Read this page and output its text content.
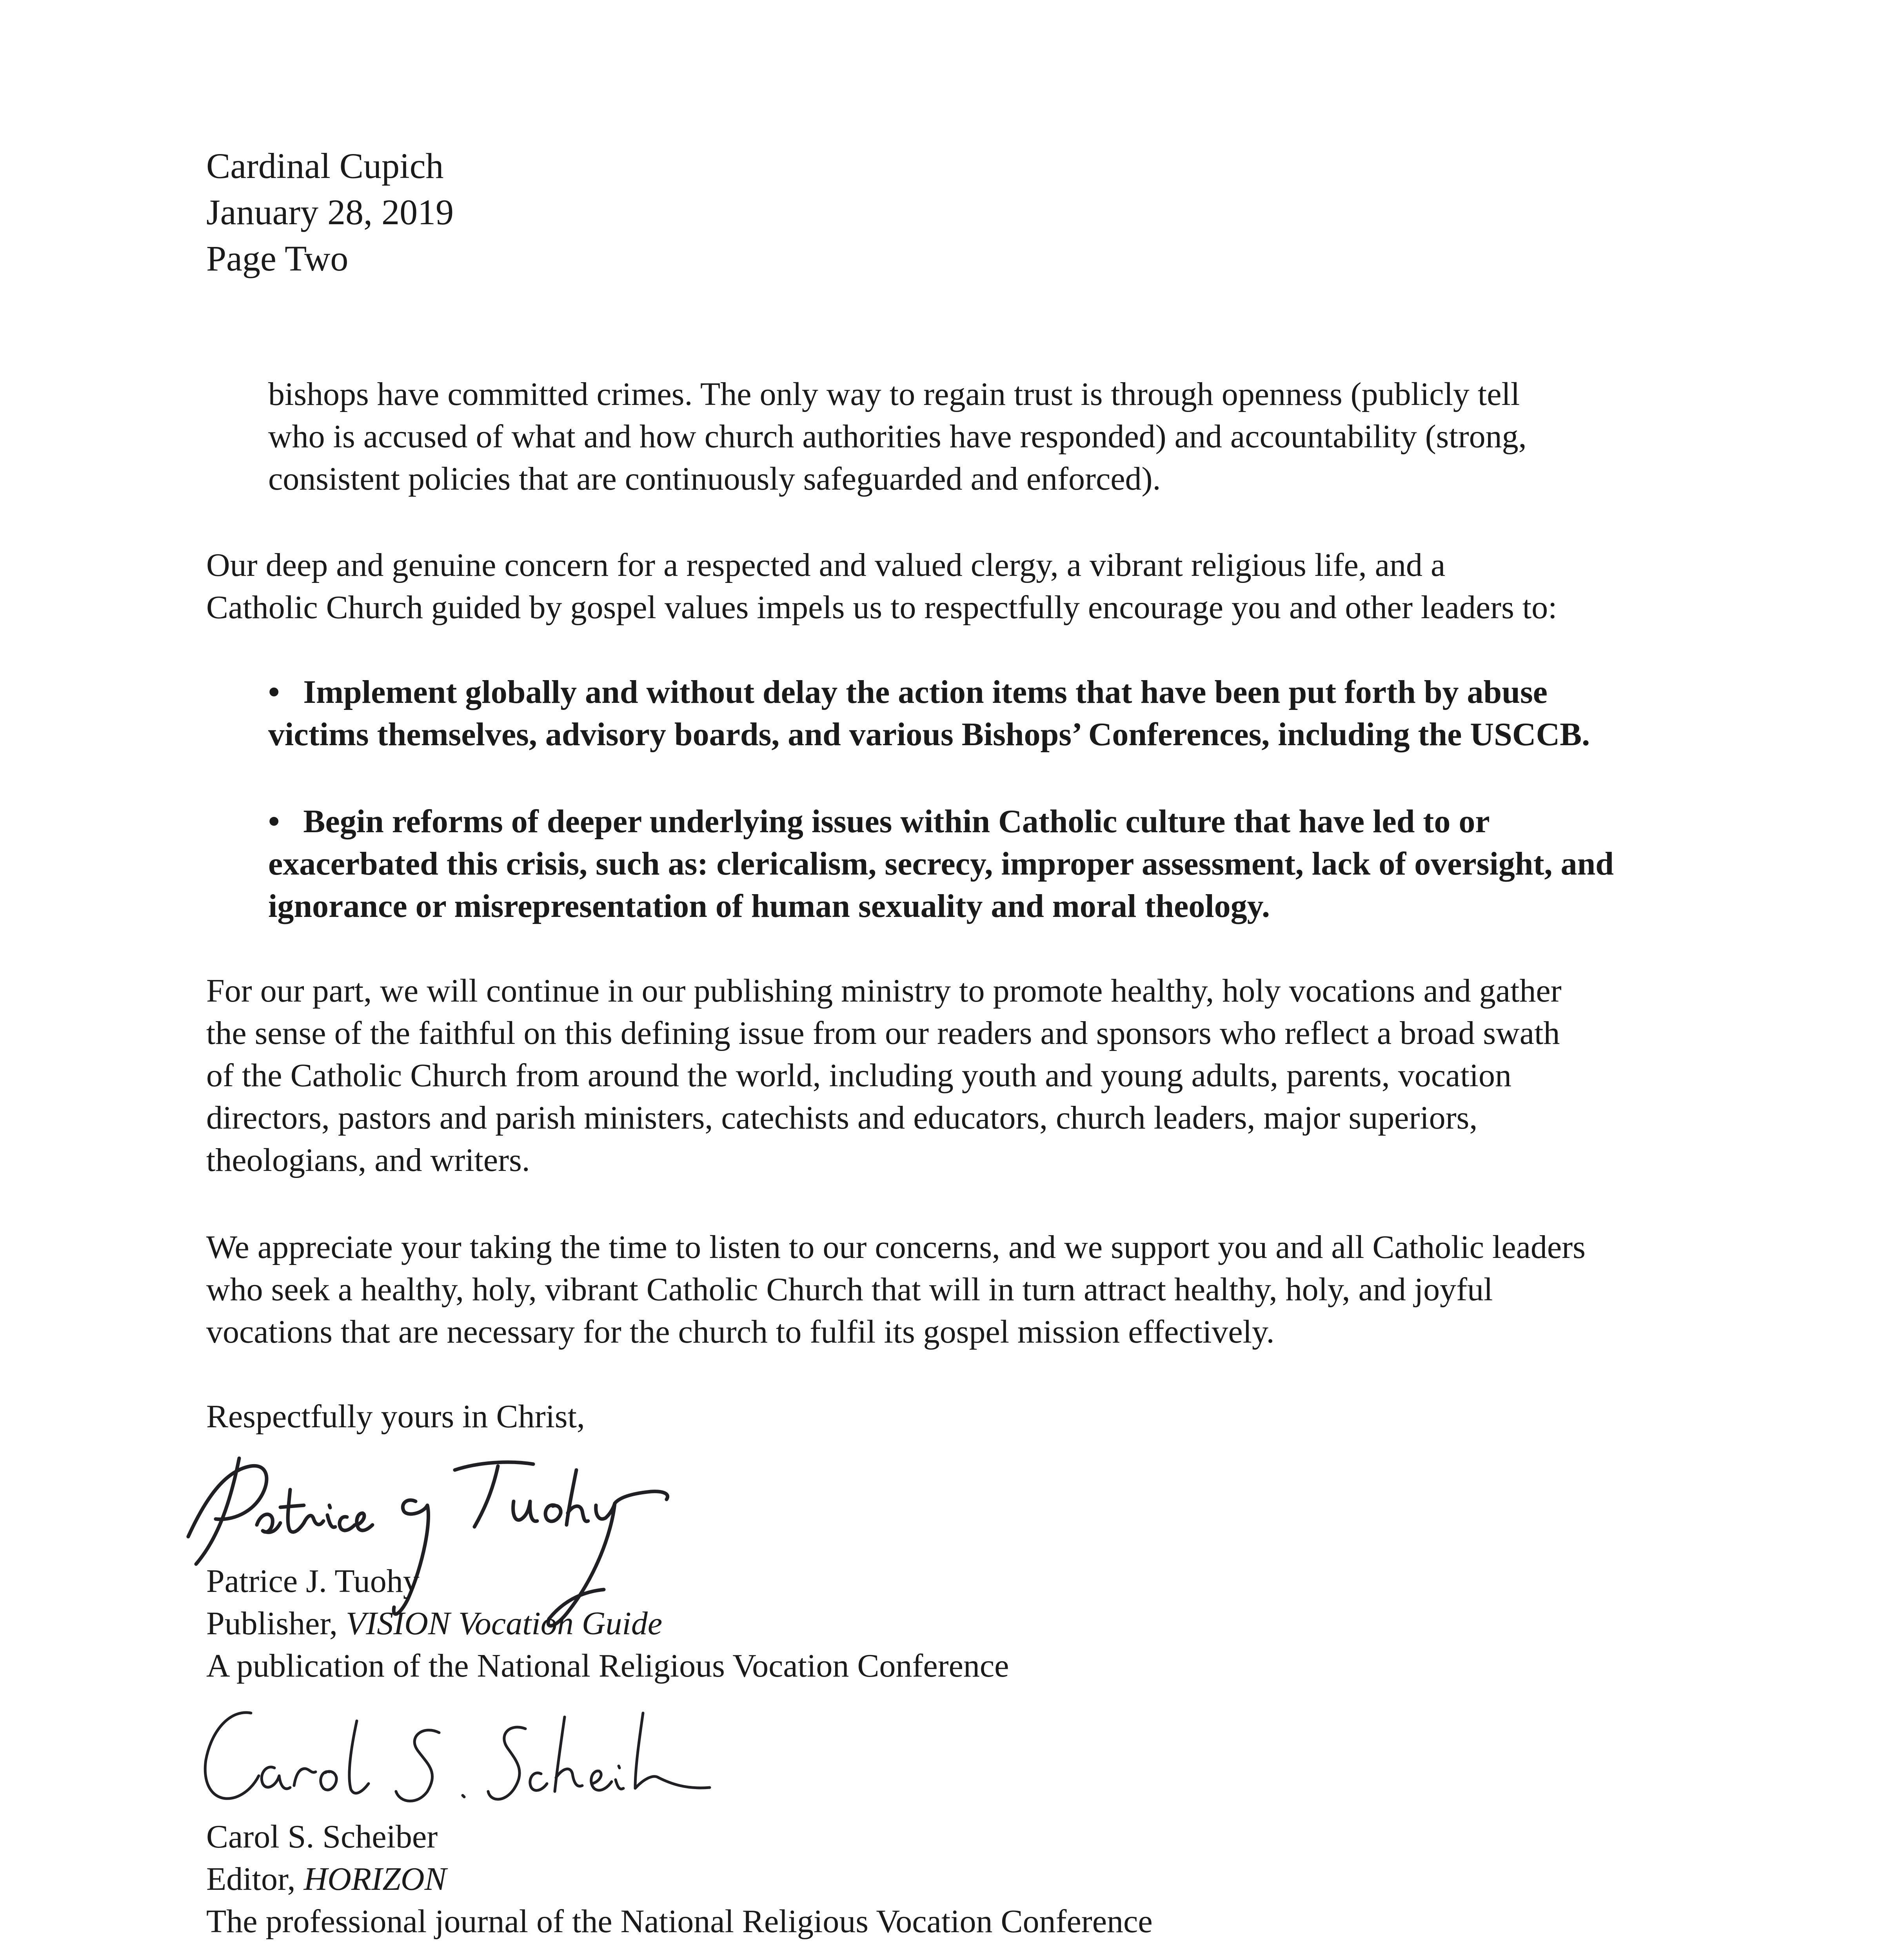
Cardinal Cupich
January 28, 2019
Page Two

bishops have committed crimes. The only way to regain trust is through openness (publicly tell

who is accused of what and how church authorities have responded) and accountability (strong,

consistent policies that are continuously safeguarded and enforced).

Our deep and genuine concern for a respected and valued clergy, a vibrant religious life, and a

Catholic Church guided by gospel values impels us to respectfully encourage you and other leaders to:

• Implement globally and without delay the action items that have been put forth by abuse

victims themselves, advisory boards, and various Bishops’ Conferences, including the USCCB.

• Begin reforms of deeper underlying issues within Catholic culture that have led to or

exacerbated this crisis, such as: clericalism, secrecy, improper assessment, lack of oversight, and

ignorance or misrepresentation of human sexuality and moral theology.

For our part, we will continue in our publishing ministry to promote healthy, holy vocations and gather

the sense of the faithful on this defining issue from our readers and sponsors who reflect a broad swath

of the Catholic Church from around the world, including youth and young adults, parents, vocation

directors, pastors and parish ministers, catechists and educators, church leaders, major superiors,

theologians, and writers.

We appreciate your taking the time to listen to our concerns, and we support you and all Catholic leaders

who seek a healthy, holy, vibrant Catholic Church that will in turn attract healthy, holy, and joyful

vocations that are necessary for the church to fulfil its gospel mission effectively.

Respectfully yours in Christ,

Patrice J. Tuohy

Publisher, VISION Vocation Guide

A publication of the National Religious Vocation Conference

Carol S. Scheiber

Editor, HORIZON

The professional journal of the National Religious Vocation Conference
